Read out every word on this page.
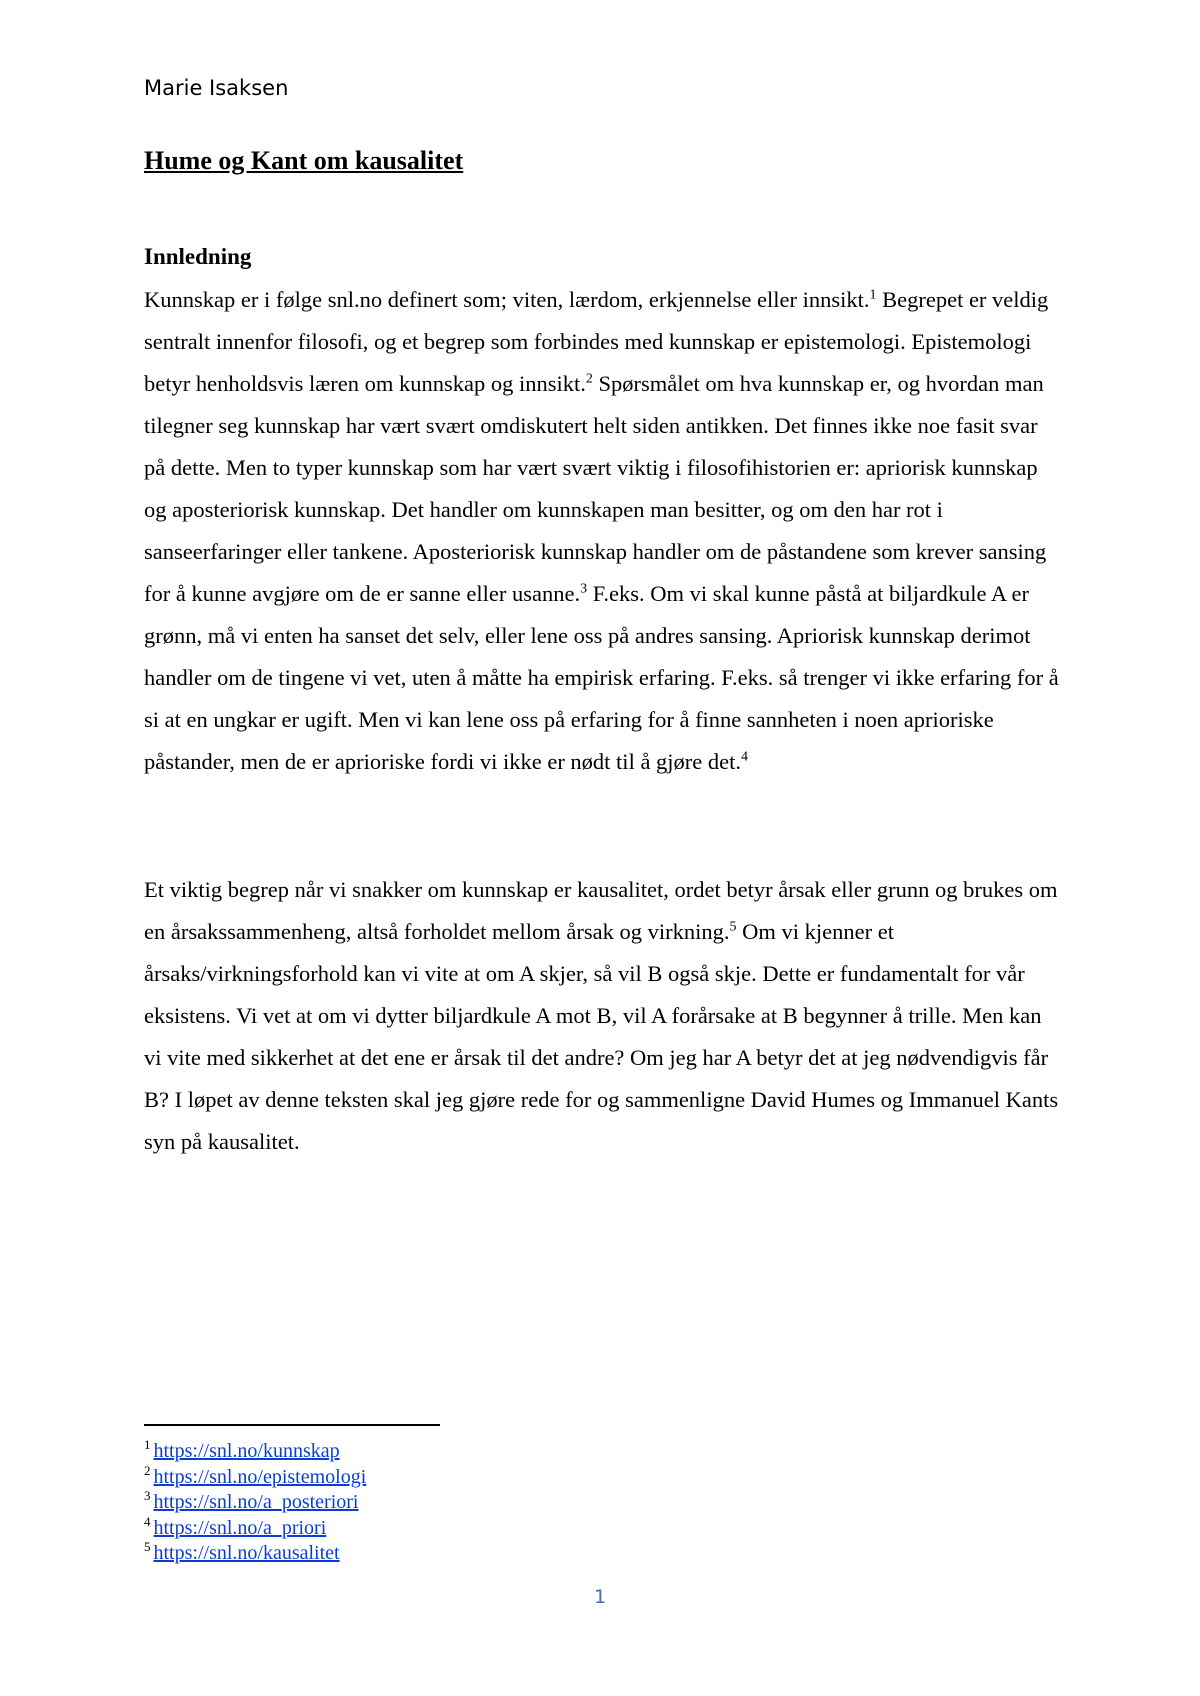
Marie Isaksen
Hume og Kant om kausalitet
Innledning

Kunnskap er i følge snl.no definert som; viten, lærdom, erkjennelse eller innsikt.$^1$ Begrepet er veldig sentralt innenfor filosofi, og et begrep som forbindes med kunnskap er epistemologi. Epistemologi betyr henholdsvis læren om kunnskap og innsikt.$^2$ Spørsmålet om hva kunnskap er, og hvordan man tilegner seg kunnskap har vært svært omdiskutert helt siden antikken. Det finnes ikke noe fasit svar på dette. Men to typer kunnskap som har vært svært viktig i filosofihistorien er: apriorisk kunnskap og aposteriorisk kunnskap. Det handler om kunnskapen man besitter, og om den har rot i sanseerfaringer eller tankene. Aposteriorisk kunnskap handler om de påstandene som krever sansing for å kunne avgjøre om de er sanne eller usanne.$^3$ F.eks. Om vi skal kunne påstå at biljardkule A er grønn, må vi enten ha sanset det selv, eller lene oss på andres sansing. Apriorisk kunnskap derimot handler om de tingene vi vet, uten å måtte ha empirisk erfaring. F.eks. så trenger vi ikke erfaring for å si at en ungkar er ugift. Men vi kan lene oss på erfaring for å finne sannheten i noen aprioriske påstander, men de er aprioriske fordi vi ikke er nødt til å gjøre det.$^4$

Et viktig begrep når vi snakker om kunnskap er kausalitet, ordet betyr årsak eller grunn og brukes om en årsakssammenheng, altså forholdet mellom årsak og virkning.$^5$ Om vi kjenner et årsaks/virkningsforhold kan vi vite at om A skjer, så vil B også skje. Dette er fundamentalt for vår eksistens. Vi vet at om vi dytter biljardkule A mot B, vil A forårsake at B begynner å trille. Men kan vi vite med sikkerhet at det ene er årsak til det andre? Om jeg har A betyr det at jeg nødvendigvis får B? I løpet av denne teksten skal jeg gjøre rede for og sammenligne David Humes og Immanuel Kants syn på kausalitet.

$^1$ https://snl.no/kunnskap
$^2$ https://snl.no/epistemologi
$^3$ https://snl.no/a_posteriori
$^4$ https://snl.no/a_priori
$^5$ https://snl.no/kausalitet
1
